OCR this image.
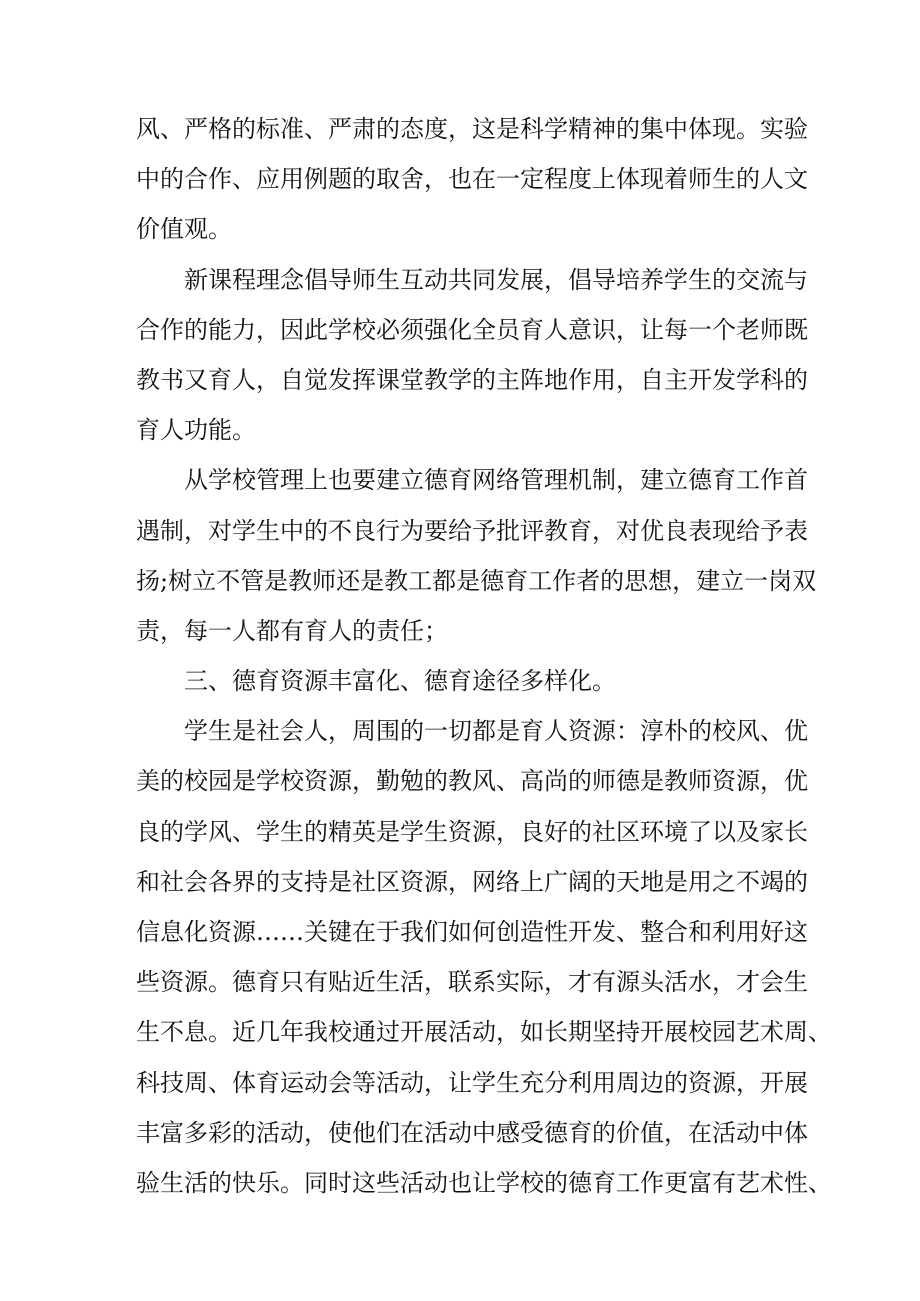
风、严格的标准、严肃的态度，这是科学精神的集中体现。实验
中的合作、应用例题的取舍，也在一定程度上体现着师生的人文
价值观。
新课程理念倡导师生互动共同发展，倡导培养学生的交流与
合作的能力，因此学校必须强化全员育人意识，让每一个老师既
教书又育人，自觉发挥课堂教学的主阵地作用，自主开发学科的
育人功能。
从学校管理上也要建立德育网络管理机制，建立德育工作首
遇制，对学生中的不良行为要给予批评教育，对优良表现给予表
扬;树立不管是教师还是教工都是德育工作者的思想，建立一岗双
责，每一人都有育人的责任；
三、德育资源丰富化、德育途径多样化。
学生是社会人，周围的一切都是育人资源：淳朴的校风、优
美的校园是学校资源，勤勉的教风、高尚的师德是教师资源，优
良的学风、学生的精英是学生资源，良好的社区环境了以及家长
和社会各界的支持是社区资源，网络上广阔的天地是用之不竭的
信息化资源……关键在于我们如何创造性开发、整合和利用好这
些资源。德育只有贴近生活，联系实际，才有源头活水，才会生
生不息。近几年我校通过开展活动，如长期坚持开展校园艺术周、
科技周、体育运动会等活动，让学生充分利用周边的资源，开展
丰富多彩的活动，使他们在活动中感受德育的价值，在活动中体
验生活的快乐。同时这些活动也让学校的德育工作更富有艺术性、
